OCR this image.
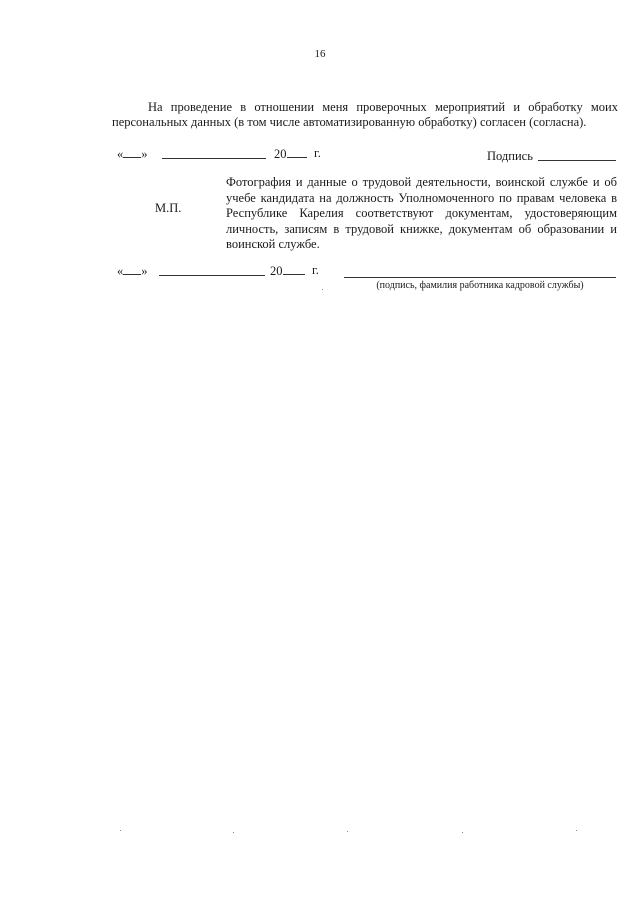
16
На проведение в отношении меня проверочных мероприятий и обработку моих персональных данных (в том числе автоматизированную обработку) согласен (согласна).
« »	20	г.	Подпись
М.П.
Фотография и данные о трудовой деятельности, воинской службе и об учебе кандидата на должность Уполномоченного по правам человека в Республике Карелия соответствуют документам, удостоверяющим личность, записям в трудовой книжке, документам об образовании и воинской службе.
« »	20	г.
(подпись, фамилия работника кадровой службы)
